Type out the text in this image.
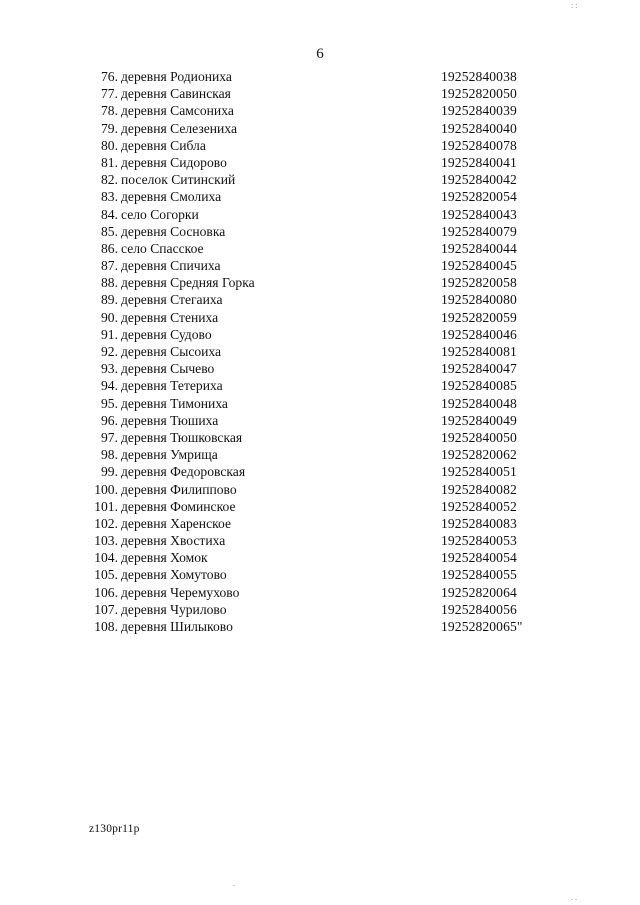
6
76. деревня Родиониха	19252840038
77. деревня Савинская	19252820050
78. деревня Самсониха	19252840039
79. деревня Селезениха	19252840040
80. деревня Сибла	19252840078
81. деревня Сидорово	19252840041
82. поселок Ситинский	19252840042
83. деревня Смолиха	19252820054
84. село Согорки	19252840043
85. деревня Сосновка	19252840079
86. село Спасское	19252840044
87. деревня Спичиха	19252840045
88. деревня Средняя Горка	19252820058
89. деревня Стегаиха	19252840080
90. деревня Стениха	19252820059
91. деревня Судово	19252840046
92. деревня Сысоиха	19252840081
93. деревня Сычево	19252840047
94. деревня Тетериха	19252840085
95. деревня Тимониха	19252840048
96. деревня Тюшиха	19252840049
97. деревня Тюшковская	19252840050
98. деревня Умрища	19252820062
99. деревня Федоровская	19252840051
100. деревня Филиппово	19252840082
101. деревня Фоминское	19252840052
102. деревня Харенское	19252840083
103. деревня Хвостиха	19252840053
104. деревня Хомок	19252840054
105. деревня Хомутово	19252840055
106. деревня Черемухово	19252820064
107. деревня Чурилово	19252840056
108. деревня Шилыково	19252820065"
z130pr11p
: :
. .
.
